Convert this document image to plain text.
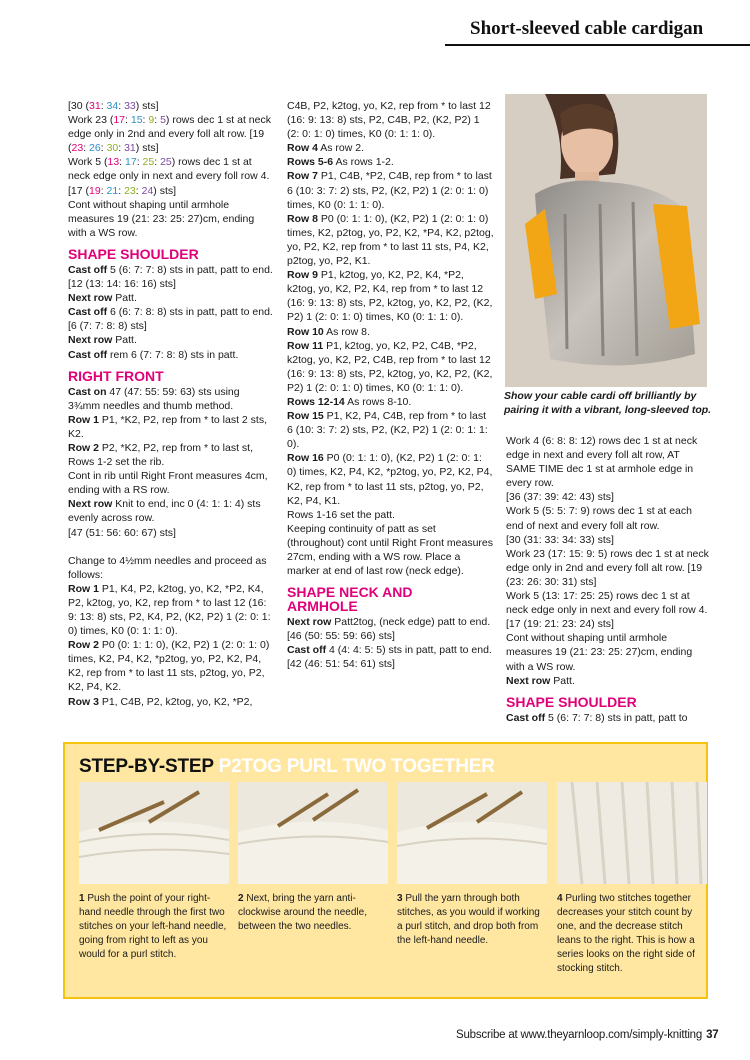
Short-sleeved cable cardigan

[30 (31: 34: 33) sts]

Work 23 (17: 15: 9: 5) rows dec 1 st at neck edge only in 2nd and every foll alt row. [19 (23: 26: 30: 31) sts]

Work 5 (13: 17: 25: 25) rows dec 1 st at neck edge only in next and every foll row 4. [17 (19: 21: 23: 24) sts]

Cont without shaping until armhole measures 19 (21: 23: 25: 27)cm, ending with a WS row.

SHAPE SHOULDER

Cast off 5 (6: 7: 7: 8) sts in patt, patt to end. [12 (13: 14: 16: 16) sts]

Next row Patt.

Cast off 6 (6: 7: 8: 8) sts in patt, patt to end. [6 (7: 7: 8: 8) sts]

Next row Patt.

Cast off rem 6 (7: 7: 8: 8) sts in patt.

RIGHT FRONT

Cast on 47 (47: 55: 59: 63) sts using 3¾mm needles and thumb method.

Row 1 P1, *K2, P2, rep from * to last 2 sts, K2.

Row 2 P2, *K2, P2, rep from * to last st, Rows 1-2 set the rib.

Cont in rib until Right Front measures 4cm, ending with a RS row.

Next row Knit to end, inc 0 (4: 1: 1: 4) sts evenly across row.

[47 (51: 56: 60: 67) sts]

Change to 4½mm needles and proceed as follows:

Row 1 P1, K4, P2, k2tog, yo, K2, *P2, K4, P2, k2tog, yo, K2, rep from * to last 12 (16: 9: 13: 8) sts, P2, K4, P2, (K2, P2) 1 (2: 0: 1: 0) times, K0 (0: 1: 1: 0).

Row 2 P0 (0: 1: 1: 0), (K2, P2) 1 (2: 0: 1: 0) times, K2, P4, K2, *p2tog, yo, P2, K2, P4, K2, rep from * to last 11 sts, p2tog, yo, P2, K2, P4, K2.

Row 3 P1, C4B, P2, k2tog, yo, K2, *P2,

C4B, P2, k2tog, yo, K2, rep from * to last 12 (16: 9: 13: 8) sts, P2, C4B, P2, (K2, P2) 1 (2: 0: 1: 0) times, K0 (0: 1: 1: 0).

Row 4 As row 2.

Rows 5-6 As rows 1-2.

Row 7 P1, C4B, *P2, C4B, rep from * to last 6 (10: 3: 7: 2) sts, P2, (K2, P2) 1 (2: 0: 1: 0) times, K0 (0: 1: 1: 0).

Row 8 P0 (0: 1: 1: 0), (K2, P2) 1 (2: 0: 1: 0) times, K2, p2tog, yo, P2, K2, *P4, K2, p2tog, yo, P2, K2, rep from * to last 11 sts, P4, K2, p2tog, yo, P2, K1.

Row 9 P1, k2tog, yo, K2, P2, K4, *P2, k2tog, yo, K2, P2, K4, rep from * to last 12 (16: 9: 13: 8) sts, P2, k2tog, yo, K2, P2, (K2, P2) 1 (2: 0: 1: 0) times, K0 (0: 1: 1: 0).

Row 10 As row 8.

Row 11 P1, k2tog, yo, K2, P2, C4B, *P2, k2tog, yo, K2, P2, C4B, rep from * to last 12 (16: 9: 13: 8) sts, P2, k2tog, yo, K2, P2, (K2, P2) 1 (2: 0: 1: 0) times, K0 (0: 1: 1: 0).

Rows 12-14 As rows 8-10.

Row 15 P1, K2, P4, C4B, rep from * to last 6 (10: 3: 7: 2) sts, P2, (K2, P2) 1 (2: 0: 1: 1: 0).

Row 16 P0 (0: 1: 1: 0), (K2, P2) 1 (2: 0: 1: 0) times, K2, P4, K2, *p2tog, yo, P2, K2, P4, K2, rep from * to last 11 sts, p2tog, yo, P2, K2, P4, K1.

Rows 1-16 set the patt.

Keeping continuity of patt as set (throughout) cont until Right Front measures 27cm, ending with a WS row. Place a marker at end of last row (neck edge).

SHAPE NECK AND ARMHOLE

Next row Patt2tog, (neck edge) patt to end. [46 (50: 55: 59: 66) sts]

Cast off 4 (4: 4: 5: 5) sts in patt, patt to end. [42 (46: 51: 54: 61) sts]

Show your cable cardi off brilliantly by pairing it with a vibrant, long-sleeved top.

Work 4 (6: 8: 8: 12) rows dec 1 st at neck edge in next and every foll alt row, AT SAME TIME dec 1 st at armhole edge in every row.

[36 (37: 39: 42: 43) sts]

Work 5 (5: 5: 7: 9) rows dec 1 st at each end of next and every foll alt row.

[30 (31: 33: 34: 33) sts]

Work 23 (17: 15: 9: 5) rows dec 1 st at neck edge only in 2nd and every foll alt row. [19 (23: 26: 30: 31) sts]

Work 5 (13: 17: 25: 25) rows dec 1 st at neck edge only in next and every foll row 4. [17 (19: 21: 23: 24) sts]

Cont without shaping until armhole measures 19 (21: 23: 25: 27)cm, ending with a WS row.

Next row Patt.

SHAPE SHOULDER

Cast off 5 (6: 7: 7: 8) sts in patt, patt to

STEP-BY-STEP P2TOG PURL TWO TOGETHER
1 Push the point of your right-hand needle through the first two stitches on your left-hand needle, going from right to left as you would for a purl stitch.
2 Next, bring the yarn anti-clockwise around the needle, between the two needles.
3 Pull the yarn through both stitches, as you would if working a purl stitch, and drop both from the left-hand needle.
4 Purling two stitches together decreases your stitch count by one, and the decrease stitch leans to the right. This is how a series looks on the right side of stocking stitch.
Subscribe at www.theyarnloop.com/simply-knitting 37
